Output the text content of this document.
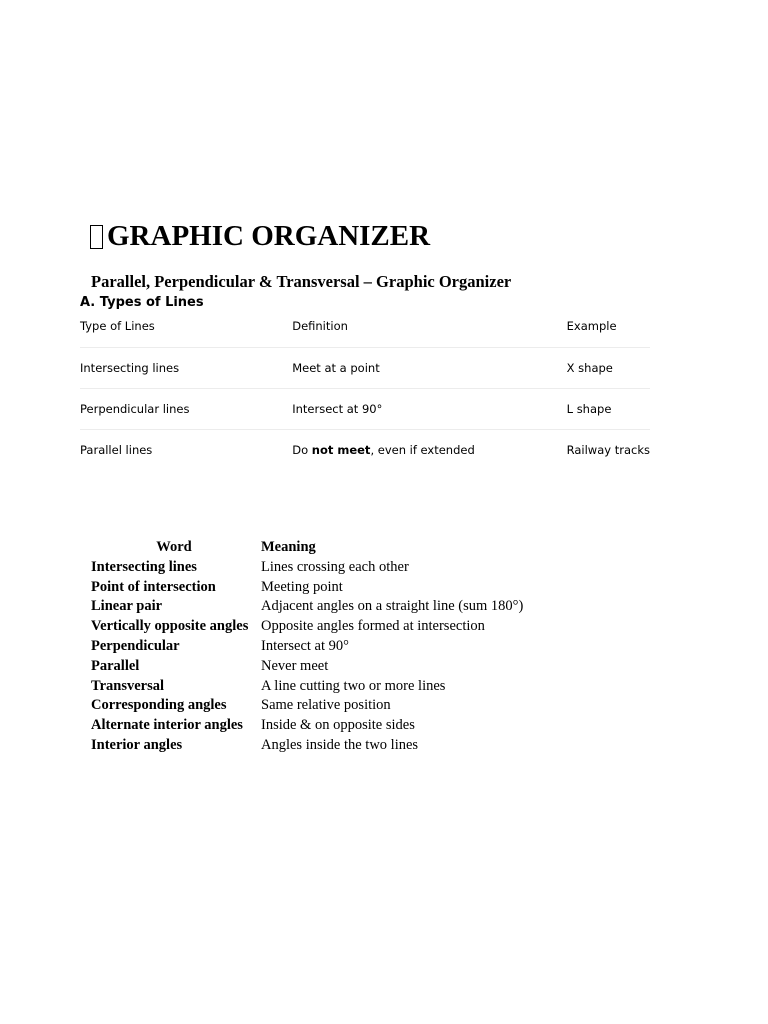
GRAPHIC ORGANIZER
Parallel, Perpendicular & Transversal – Graphic Organizer
A. Types of Lines
Type of Lines	Definition	Example
Intersecting lines	Meet at a point	X shape
Perpendicular lines	Intersect at 90°	L shape
Parallel lines	Do not meet, even if extended	Railway tracks
Word	Meaning
Intersecting lines	Lines crossing each other
Point of intersection	Meeting point
Linear pair	Adjacent angles on a straight line (sum 180°)
Vertically opposite angles	Opposite angles formed at intersection
Perpendicular	Intersect at 90°
Parallel	Never meet
Transversal	A line cutting two or more lines
Corresponding angles	Same relative position
Alternate interior angles	Inside & on opposite sides
Interior angles	Angles inside the two lines
